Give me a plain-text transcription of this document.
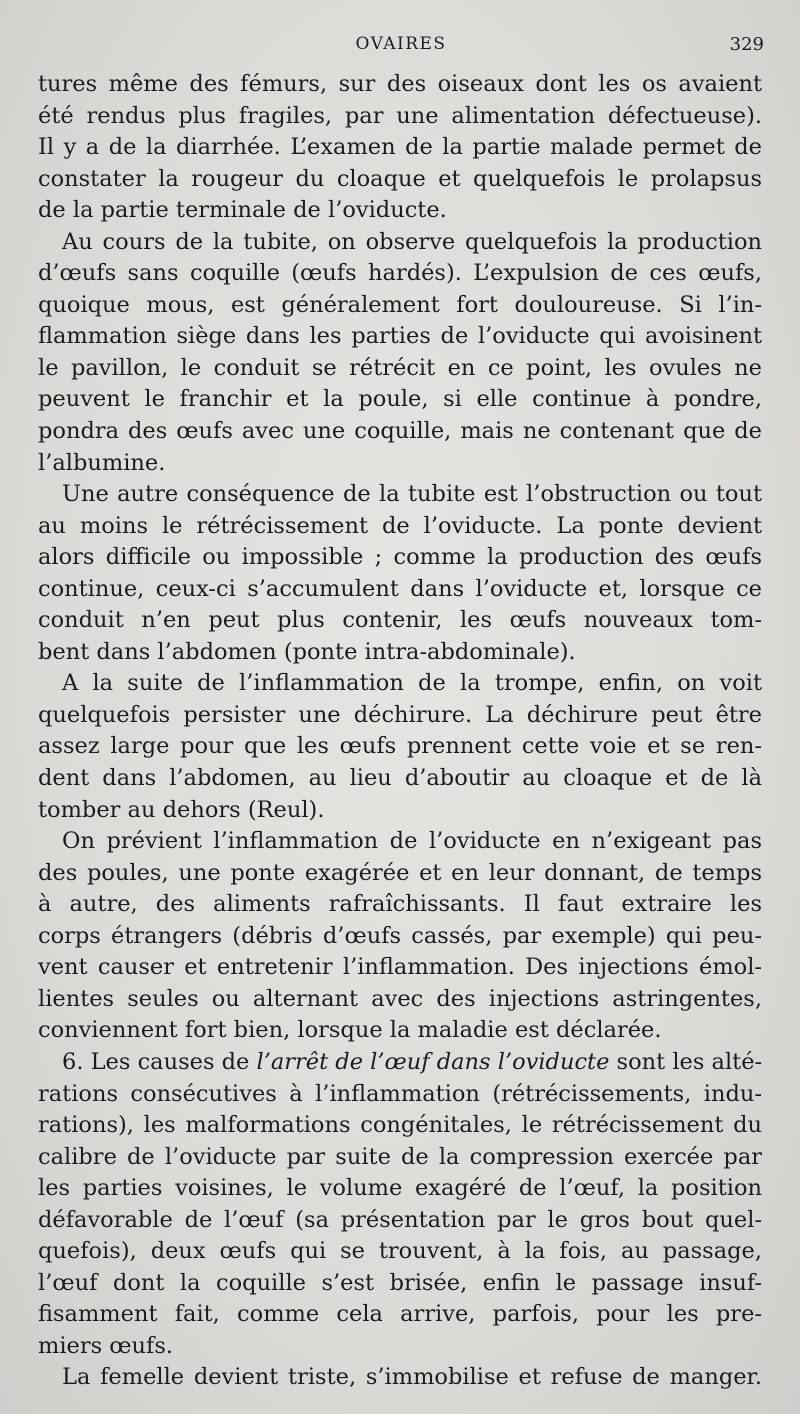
OVAIRES	329
tures même des fémurs, sur des oiseaux dont les os avaient
été rendus plus fragiles, par une alimentation défectueuse).
Il y a de la diarrhée. L’examen de la partie malade permet de
constater la rougeur du cloaque et quelquefois le prolapsus
de la partie terminale de l’oviducte.
Au cours de la tubite, on observe quelquefois la production
d’œufs sans coquille (œufs hardés). L’expulsion de ces œufs,
quoique mous, est généralement fort douloureuse. Si l’in-
flammation siège dans les parties de l’oviducte qui avoisinent
le pavillon, le conduit se rétrécit en ce point, les ovules ne
peuvent le franchir et la poule, si elle continue à pondre,
pondra des œufs avec une coquille, mais ne contenant que de
l’albumine.
Une autre conséquence de la tubite est l’obstruction ou tout
au moins le rétrécissement de l’oviducte. La ponte devient
alors difficile ou impossible ; comme la production des œufs
continue, ceux-ci s’accumulent dans l’oviducte et, lorsque ce
conduit n’en peut plus contenir, les œufs nouveaux tom-
bent dans l’abdomen (ponte intra-abdominale).
A la suite de l’inflammation de la trompe, enfin, on voit
quelquefois persister une déchirure. La déchirure peut être
assez large pour que les œufs prennent cette voie et se ren-
dent dans l’abdomen, au lieu d’aboutir au cloaque et de là
tomber au dehors (Reul).
On prévient l’inflammation de l’oviducte en n’exigeant pas
des poules, une ponte exagérée et en leur donnant, de temps
à autre, des aliments rafraîchissants. Il faut extraire les
corps étrangers (débris d’œufs cassés, par exemple) qui peu-
vent causer et entretenir l’inflammation. Des injections émol-
lientes seules ou alternant avec des injections astringentes,
conviennent fort bien, lorsque la maladie est déclarée.
6. Les causes de l’arrêt de l’œuf dans l’oviducte sont les alté-
rations consécutives à l’inflammation (rétrécissements, indu-
rations), les malformations congénitales, le rétrécissement du
calibre de l’oviducte par suite de la compression exercée par
les parties voisines, le volume exagéré de l’œuf, la position
défavorable de l’œuf (sa présentation par le gros bout quel-
quefois), deux œufs qui se trouvent, à la fois, au passage,
l’œuf dont la coquille s’est brisée, enfin le passage insuf-
fisamment fait, comme cela arrive, parfois, pour les pre-
miers œufs.
La femelle devient triste, s’immobilise et refuse de manger.
